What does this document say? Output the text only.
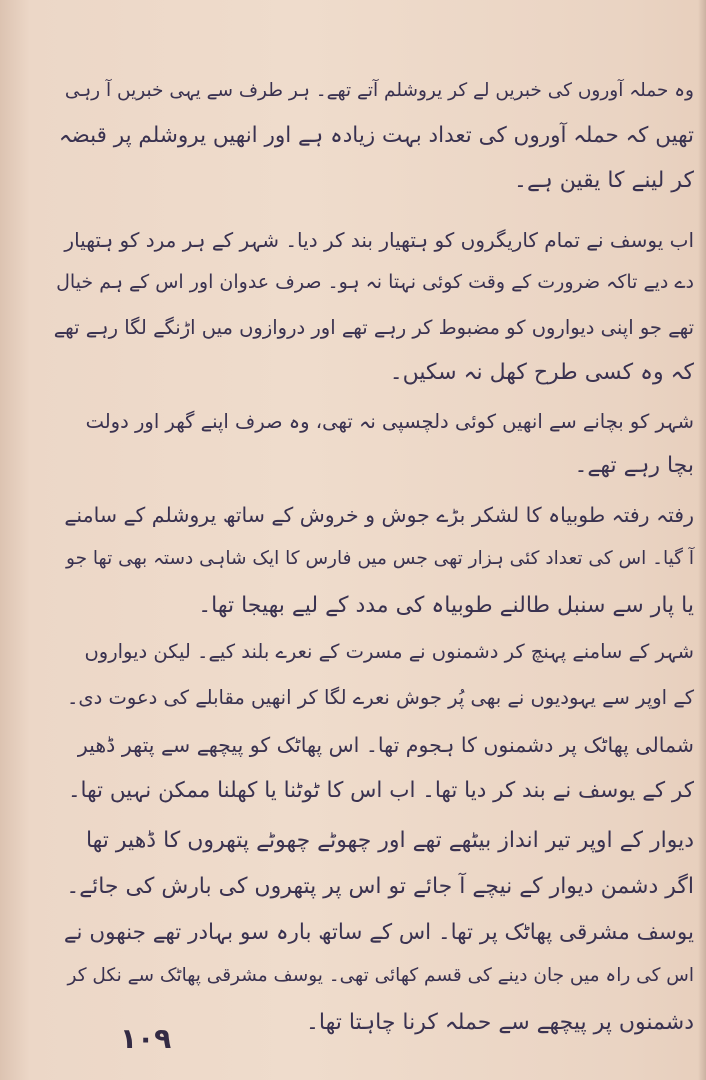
وہ حملہ آوروں کی خبریں لے کر یروشلم آتے تھے۔ ہر طرف سے یہی خبریں آ رہی
تھیں کہ حملہ آوروں کی تعداد بہت زیادہ ہے اور انھیں یروشلم پر قبضہ
کر لینے کا یقین ہے۔
اب یوسف نے تمام کاریگروں کو ہتھیار بند کر دیا۔ شہر کے ہر مرد کو ہتھیار
دے دیے تاکہ ضرورت کے وقت کوئی نہتا نہ ہو۔ صرف عدوان اور اس کے ہم خیال
تھے جو اپنی دیواروں کو مضبوط کر رہے تھے اور دروازوں میں اڑنگے لگا رہے تھے
کہ وہ کسی طرح کھل نہ سکیں۔
شہر کو بچانے سے انھیں کوئی دلچسپی نہ تھی، وہ صرف اپنے گھر اور دولت
بچا رہے تھے۔
رفتہ رفتہ طوبیاہ کا لشکر بڑے جوش و خروش کے ساتھ یروشلم کے سامنے
آ گیا۔ اس کی تعداد کئی ہزار تھی جس میں فارس کا ایک شاہی دستہ بھی تھا جو
یا پار سے سنبل طالنے طوبیاہ کی مدد کے لیے بھیجا تھا۔
شہر کے سامنے پہنچ کر دشمنوں نے مسرت کے نعرے بلند کیے۔ لیکن دیواروں
کے اوپر سے یہودیوں نے بھی پُر جوش نعرے لگا کر انھیں مقابلے کی دعوت دی۔
شمالی پھاٹک پر دشمنوں کا ہجوم تھا۔ اس پھاٹک کو پیچھے سے پتھر ڈھیر
کر کے یوسف نے بند کر دیا تھا۔ اب اس کا ٹوٹنا یا کھلنا ممکن نہیں تھا۔
دیوار کے اوپر تیر انداز بیٹھے تھے اور چھوٹے چھوٹے پتھروں کا ڈھیر تھا
اگر دشمن دیوار کے نیچے آ جائے تو اس پر پتھروں کی بارش کی جائے۔
یوسف مشرقی پھاٹک پر تھا۔ اس کے ساتھ بارہ سو بہادر تھے جنھوں نے
اس کی راہ میں جان دینے کی قسم کھائی تھی۔ یوسف مشرقی پھاٹک سے نکل کر
دشمنوں پر پیچھے سے حملہ کرنا چاہتا تھا۔
۱۰۹
